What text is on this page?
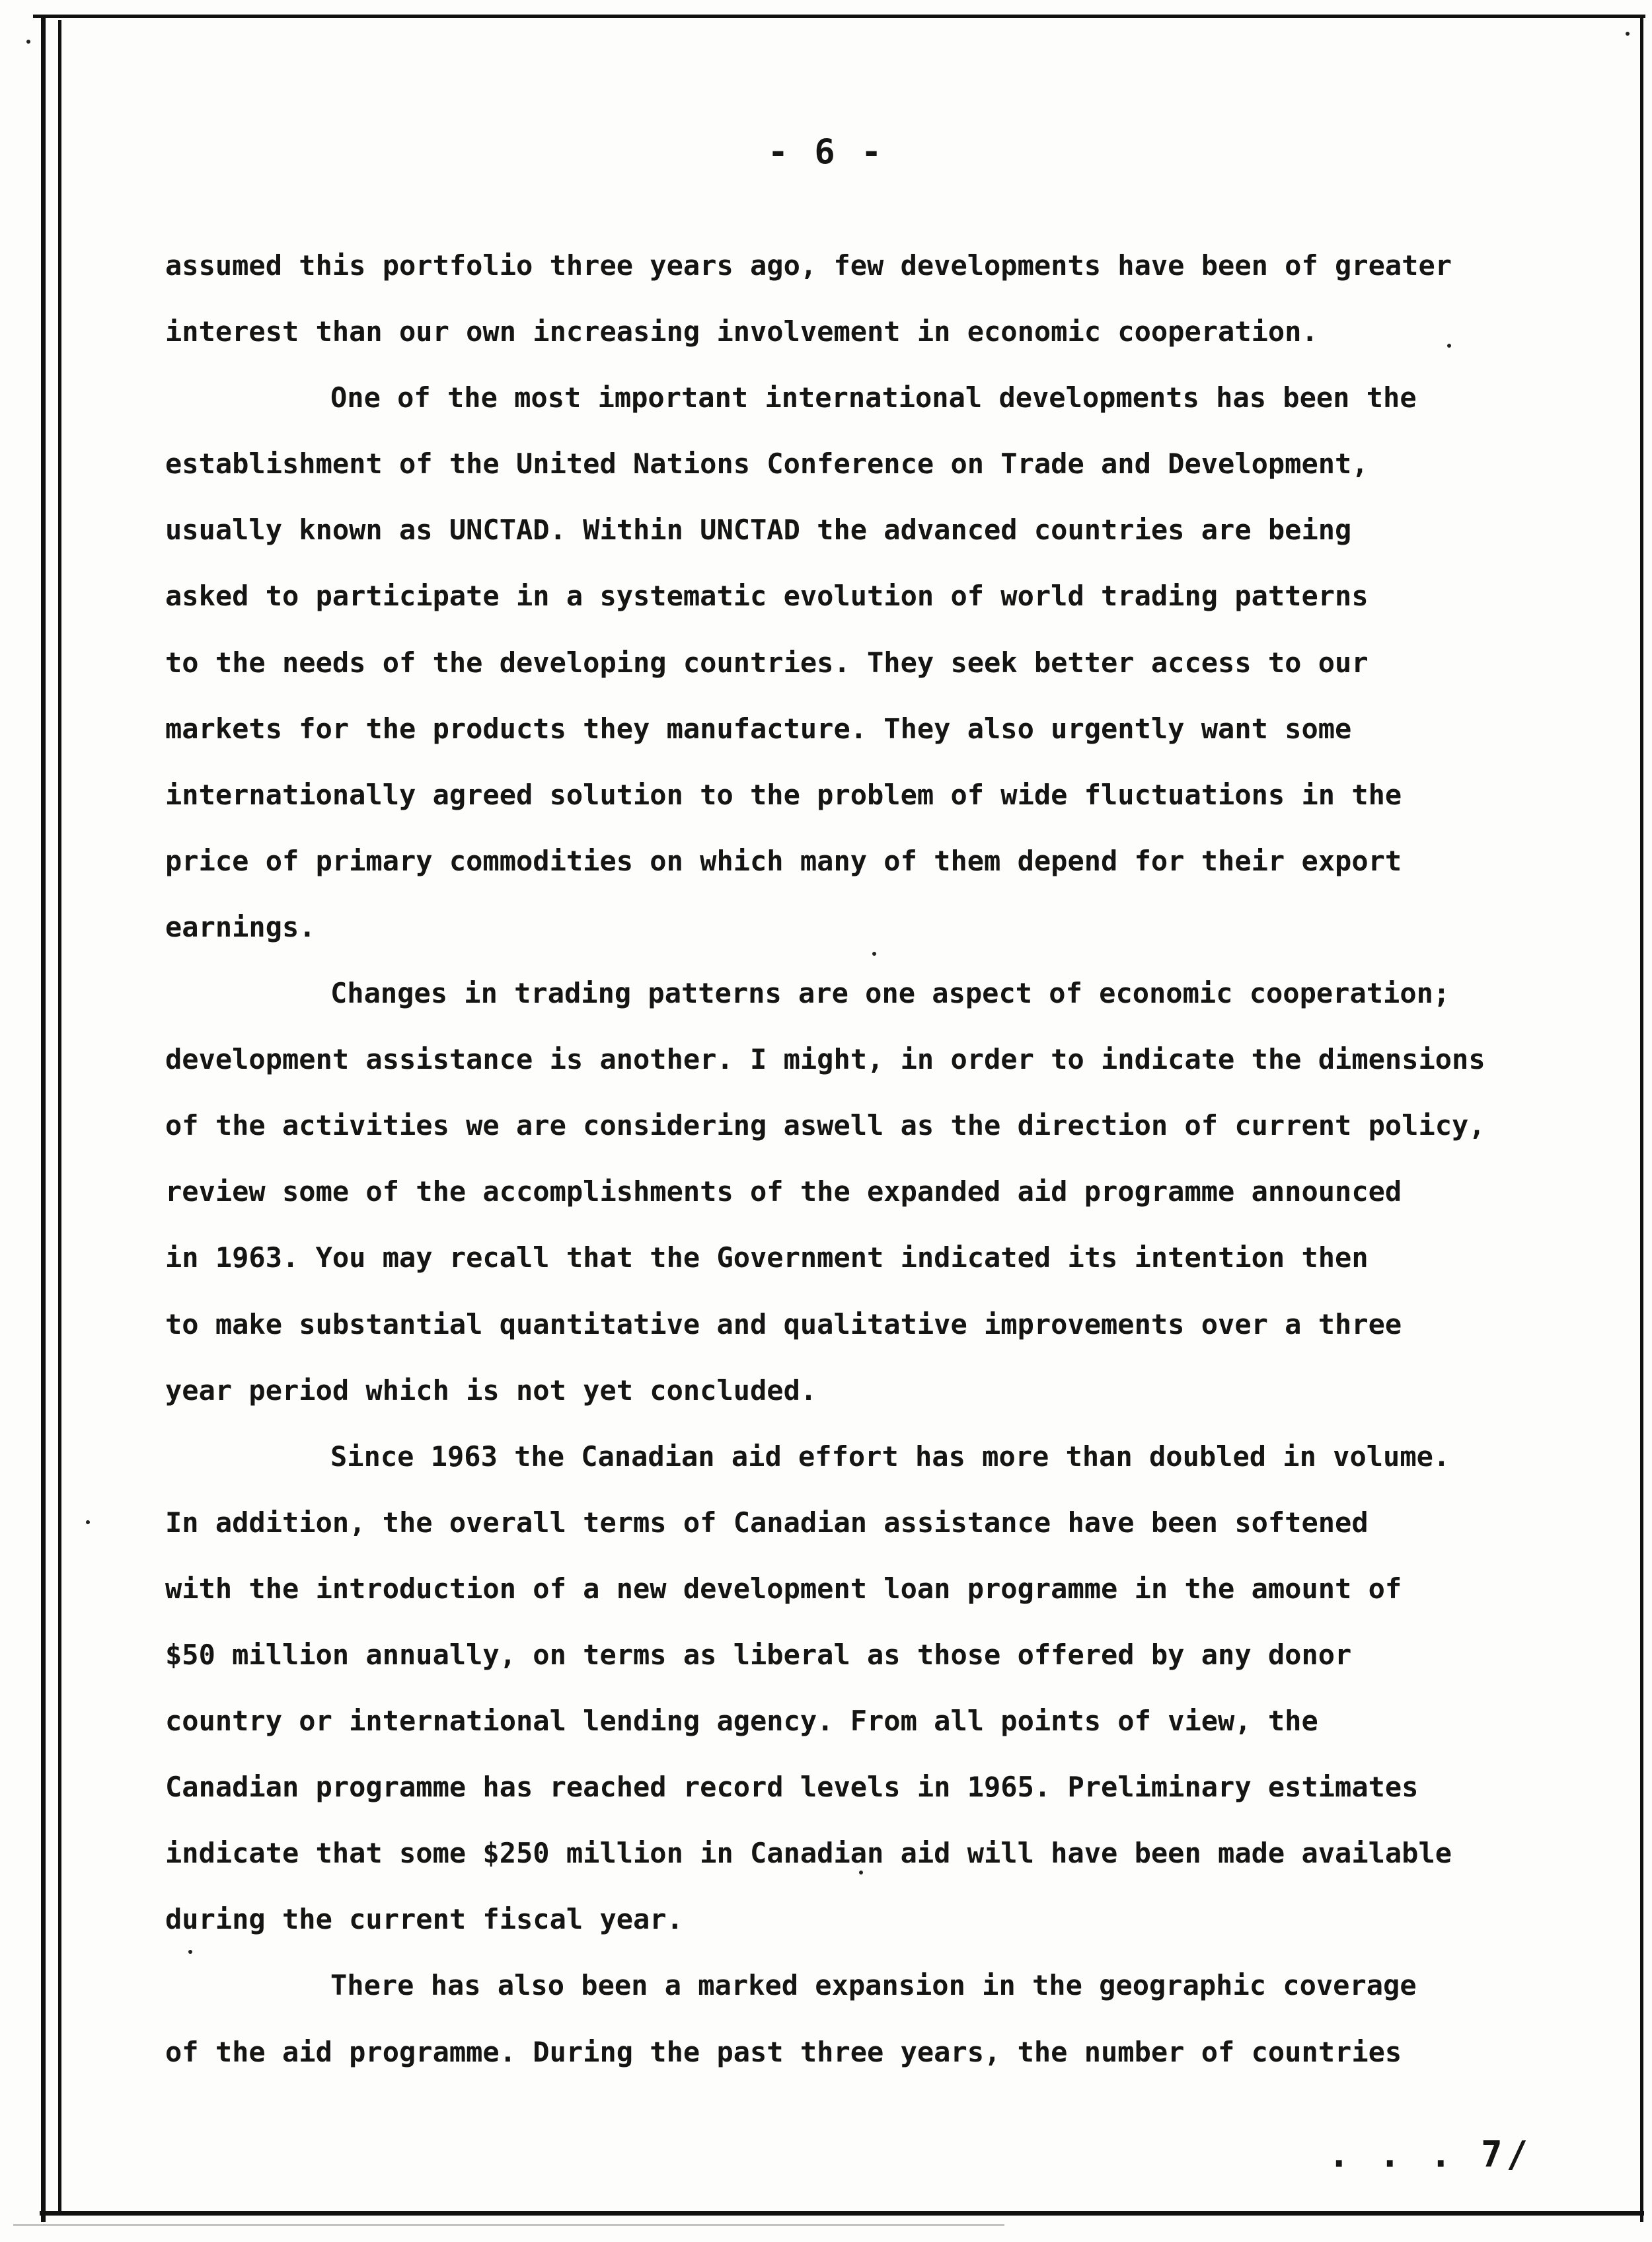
- 6 -
assumed this portfolio three years ago, few developments have been of greater
interest than our own increasing involvement in economic cooperation.
One of the most important international developments has been the
establishment of the United Nations Conference on Trade and Development,
usually known as UNCTAD. Within UNCTAD the advanced countries are being
asked to participate in a systematic evolution of world trading patterns
to the needs of the developing countries. They seek better access to our
markets for the products they manufacture. They also urgently want some
internationally agreed solution to the problem of wide fluctuations in the
price of primary commodities on which many of them depend for their export
earnings.
Changes in trading patterns are one aspect of economic cooperation;
development assistance is another. I might, in order to indicate the dimensions
of the activities we are considering aswell as the direction of current policy,
review some of the accomplishments of the expanded aid programme announced
in 1963. You may recall that the Government indicated its intention then
to make substantial quantitative and qualitative improvements over a three
year period which is not yet concluded.
Since 1963 the Canadian aid effort has more than doubled in volume.
In addition, the overall terms of Canadian assistance have been softened
with the introduction of a new development loan programme in the amount of
$50 million annually, on terms as liberal as those offered by any donor
country or international lending agency. From all points of view, the
Canadian programme has reached record levels in 1965. Preliminary estimates
indicate that some $250 million in Canadian aid will have been made available
during the current fiscal year.
There has also been a marked expansion in the geographic coverage
of the aid programme. During the past three years, the number of countries
. . . 7/
